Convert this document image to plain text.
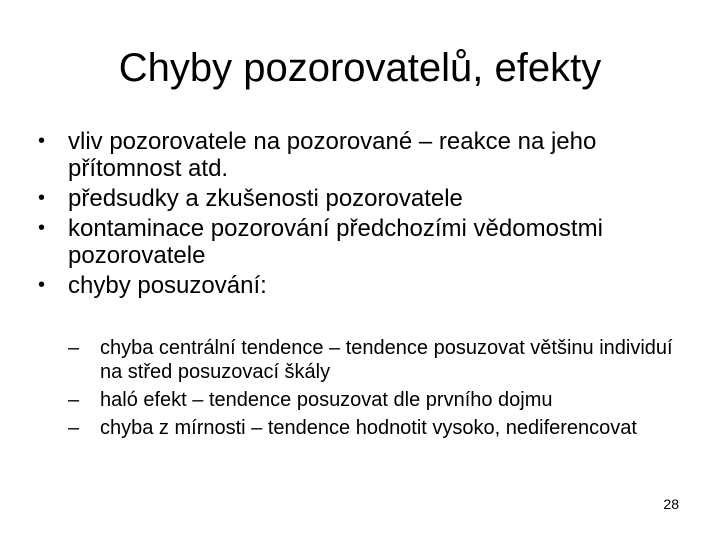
Chyby pozorovatelů, efekty
• vliv pozorovatele na pozorované – reakce na jeho přítomnost atd.
• předsudky a zkušenosti pozorovatele
• kontaminace pozorování předchozími vědomostmi pozorovatele
• chyby posuzování:
– chyba centrální tendence – tendence posuzovat většinu individuí na střed posuzovací škály
– haló efekt – tendence posuzovat dle prvního dojmu
– chyba z mírnosti – tendence hodnotit vysoko, nediferencovat
28
